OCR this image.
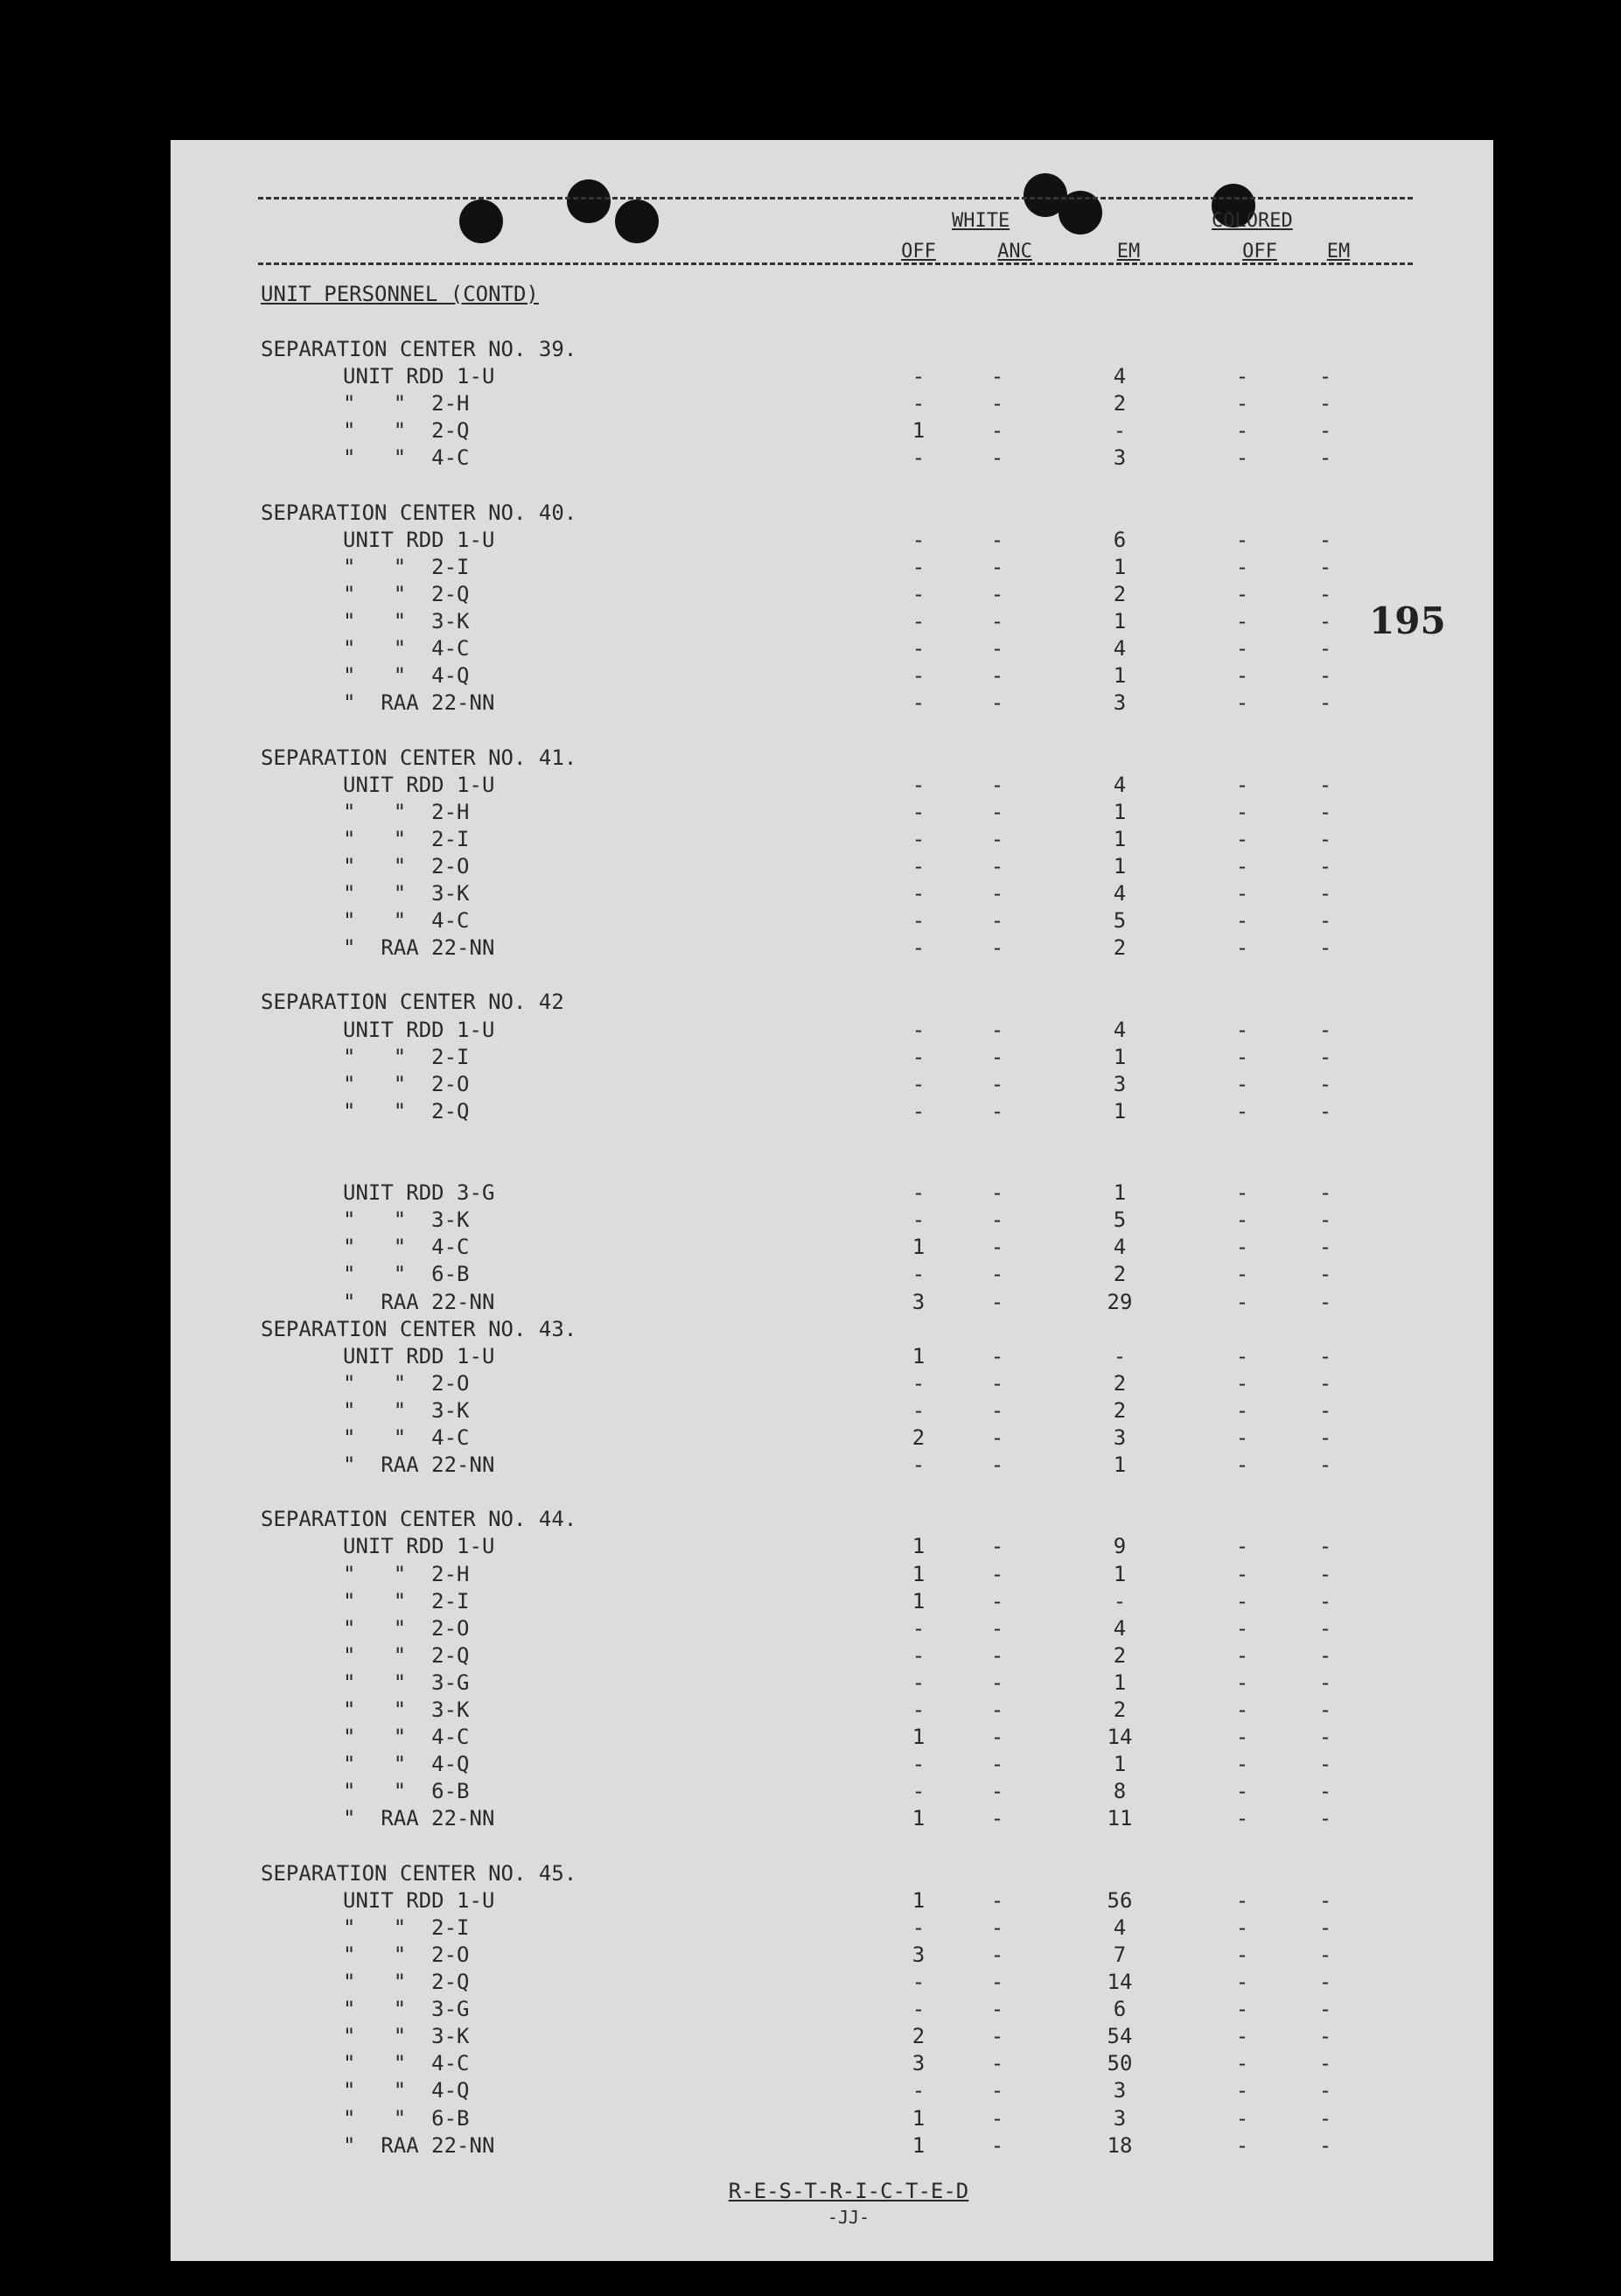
WHITE	COLORED
OFF	ANC	EM	OFF	EM
UNIT PERSONNEL (CONTD)
195
SEPARATION CENTER NO. 39.
UNIT RDD 1-U	-	-	4	-	-
"   "  2-H	-	-	2	-	-
"   "  2-Q	1	-	-	-	-
"   "  4-C	-	-	3	-	-
SEPARATION CENTER NO. 40.
UNIT RDD 1-U	-	-	6	-	-
"   "  2-I	-	-	1	-	-
"   "  2-Q	-	-	2	-	-
"   "  3-K	-	-	1	-	-
"   "  4-C	-	-	4	-	-
"   "  4-Q	-	-	1	-	-
"  RAA 22-NN	-	-	3	-	-
SEPARATION CENTER NO. 41.
UNIT RDD 1-U	-	-	4	-	-
"   "  2-H	-	-	1	-	-
"   "  2-I	-	-	1	-	-
"   "  2-O	-	-	1	-	-
"   "  3-K	-	-	4	-	-
"   "  4-C	-	-	5	-	-
"  RAA 22-NN	-	-	2	-	-
SEPARATION CENTER NO. 42
UNIT RDD 1-U	-	-	4	-	-
"   "  2-I	-	-	1	-	-
"   "  2-O	-	-	3	-	-
"   "  2-Q	-	-	1	-	-
UNIT RDD 3-G	-	-	1	-	-
"   "  3-K	-	-	5	-	-
"   "  4-C	1	-	4	-	-
"   "  6-B	-	-	2	-	-
"  RAA 22-NN	3	-	29	-	-
SEPARATION CENTER NO. 43.
UNIT RDD 1-U	1	-	-	-	-
"   "  2-O	-	-	2	-	-
"   "  3-K	-	-	2	-	-
"   "  4-C	2	-	3	-	-
"  RAA 22-NN	-	-	1	-	-
SEPARATION CENTER NO. 44.
UNIT RDD 1-U	1	-	9	-	-
"   "  2-H	1	-	1	-	-
"   "  2-I	1	-	-	-	-
"   "  2-O	-	-	4	-	-
"   "  2-Q	-	-	2	-	-
"   "  3-G	-	-	1	-	-
"   "  3-K	-	-	2	-	-
"   "  4-C	1	-	14	-	-
"   "  4-Q	-	-	1	-	-
"   "  6-B	-	-	8	-	-
"  RAA 22-NN	1	-	11	-	-
SEPARATION CENTER NO. 45.
UNIT RDD 1-U	1	-	56	-	-
"   "  2-I	-	-	4	-	-
"   "  2-O	3	-	7	-	-
"   "  2-Q	-	-	14	-	-
"   "  3-G	-	-	6	-	-
"   "  3-K	2	-	54	-	-
"   "  4-C	3	-	50	-	-
"   "  4-Q	-	-	3	-	-
"   "  6-B	1	-	3	-	-
"  RAA 22-NN	1	-	18	-	-
R-E-S-T-R-I-C-T-E-D
-JJ-
